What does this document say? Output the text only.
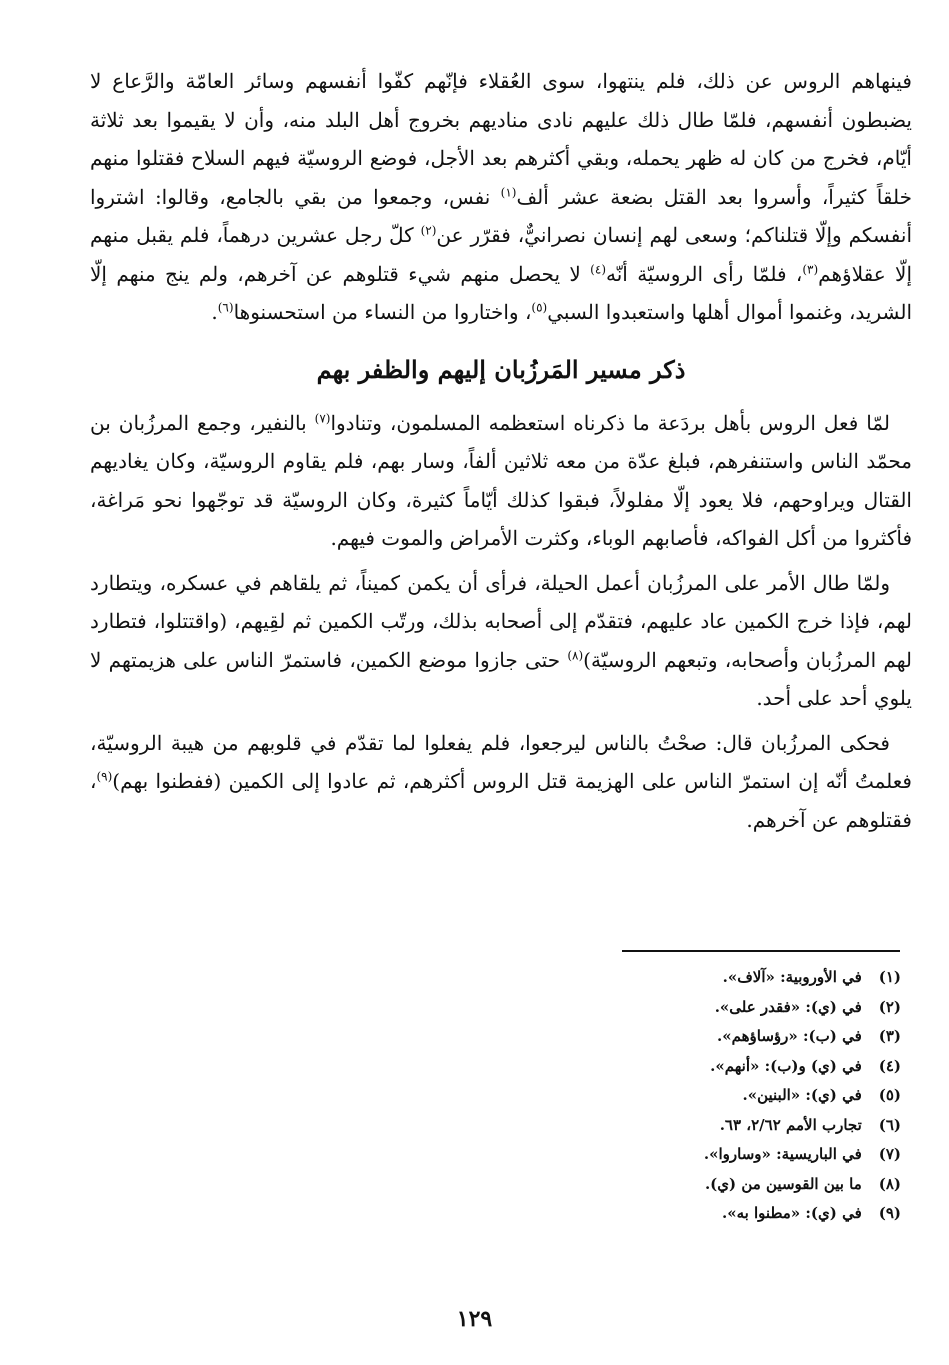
فينهاهم الروس عن ذلك، فلم ينتهوا، سوى العُقلاء فإنّهم كفّوا أنفسهم وسائر العامّة والرَّعاع لا يضبطون أنفسهم، فلمّا طال ذلك عليهم نادى مناديهم بخروج أهل البلد منه، وأن لا يقيموا بعد ثلاثة أيّام، فخرج من كان له ظهر يحمله، وبقي أكثرهم بعد الأجل، فوضع الروسيّة فيهم السلاح فقتلوا منهم خلقاً كثيراً، وأسروا بعد القتل بضعة عشر ألف$^{(١)}$ نفس، وجمعوا من بقي بالجامع، وقالوا: اشتروا أنفسكم وإلّا قتلناكم؛ وسعى لهم إنسان نصرانيٌّ، فقرّر عن$^{(٢)}$ كلّ رجل عشرين درهماً، فلم يقبل منهم إلّا عقلاؤهم$^{(٣)}$، فلمّا رأى الروسيّة أنّه$^{(٤)}$ لا يحصل منهم شيء قتلوهم عن آخرهم، ولم ينج منهم إلّا الشريد، وغنموا أموال أهلها واستعبدوا السبي$^{(٥)}$، واختاروا من النساء من استحسنوها$^{(٦)}$.

ذكر مسير المَرزُبان إليهم والظفر بهم

لمّا فعل الروس بأهل بردَعة ما ذكرناه استعظمه المسلمون، وتنادوا$^{(٧)}$ بالنفير، وجمع المرزُبان بن محمّد الناس واستنفرهم، فبلغ عدّة من معه ثلاثين ألفاً، وسار بهم، فلم يقاوم الروسيّة، وكان يغاديهم القتال ويراوحهم، فلا يعود إلّا مفلولاً، فبقوا كذلك أيّاماً كثيرة، وكان الروسيّة قد توجّهوا نحو مَراغة، فأكثروا من أكل الفواكه، فأصابهم الوباء، وكثرت الأمراض والموت فيهم.

ولمّا طال الأمر على المرزُبان أعمل الحيلة، فرأى أن يكمن كميناً، ثم يلقاهم في عسكره، ويتطارد لهم، فإذا خرج الكمين عاد عليهم، فتقدّم إلى أصحابه بذلك، ورتّب الكمين ثم لقِيهم، (واقتتلوا، فتطارد لهم المرزُبان وأصحابه، وتبعهم الروسيّة)$^{(٨)}$ حتى جازوا موضع الكمين، فاستمرّ الناس على هزيمتهم لا يلوي أحد على أحد.

فحكى المرزُبان قال: صحْتُ بالناس ليرجعوا، فلم يفعلوا لما تقدّم في قلوبهم من هيبة الروسيّة، فعلمتُ أنّه إن استمرّ الناس على الهزيمة قتل الروس أكثرهم، ثم عادوا إلى الكمين (ففطنوا بهم)$^{(٩)}$، فقتلوهم عن آخرهم.

(١) في الأوروبية: «آلاف».
(٢) في (ي): «فقدر على».
(٣) في (ب): «رؤساؤهم».
(٤) في (ي) و(ب): «أنهم».
(٥) في (ي): «البنين».
(٦) تجارب الأمم ٢/٦٢، ٦٣.
(٧) في الباريسية: «وساروا».
(٨) ما بين القوسين من (ي).
(٩) في (ي): «مطنوا به».
١٢٩
